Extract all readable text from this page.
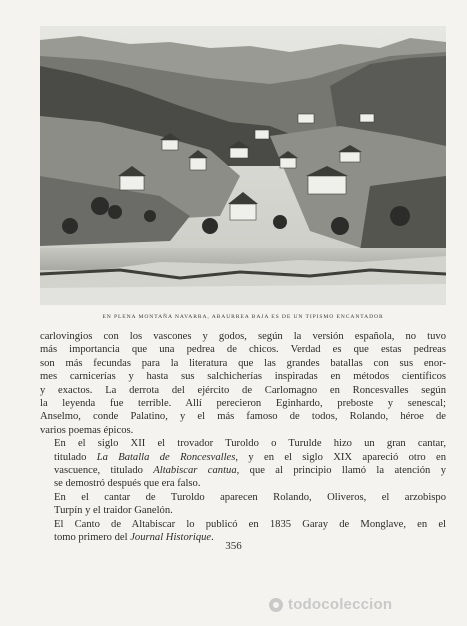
EN PLENA MONTAÑA NAVARRA, ABAURREA BAJA ES DE UN TIPISMO ENCANTADOR

carlovingios con los vascones y godos, según la versión española, no tuvo
más importancia que una pedrea de chicos. Verdad es que estas pedreas
son más fecundas para la literatura que las grandes batallas con sus enor-
mes carnicerías y hasta sus salchicherías inspiradas en métodos científicos
y exactos. La derrota del ejército de Carlomagno en Roncesvalles según
la leyenda fue terrible. Allí perecieron Eginhardo, preboste y senescal;
Anselmo, conde Palatino, y el más famoso de todos, Rolando, héroe de
varios poemas épicos.

En el siglo XII el trovador Turoldo o Turulde hizo un gran cantar,
titulado La Batalla de Roncesvalles, y en el siglo XIX apareció otro en
vascuence, titulado Altabiscar cantua, que al principio llamó la atención y
se demostró después que era falso.

En el cantar de Turoldo aparecen Rolando, Oliveros, el arzobispo
Turpín y el traidor Ganelón.

El Canto de Altabiscar lo publicó en 1835 Garay de Monglave, en el
tomo primero del Journal Historique.

356
todocoleccion
